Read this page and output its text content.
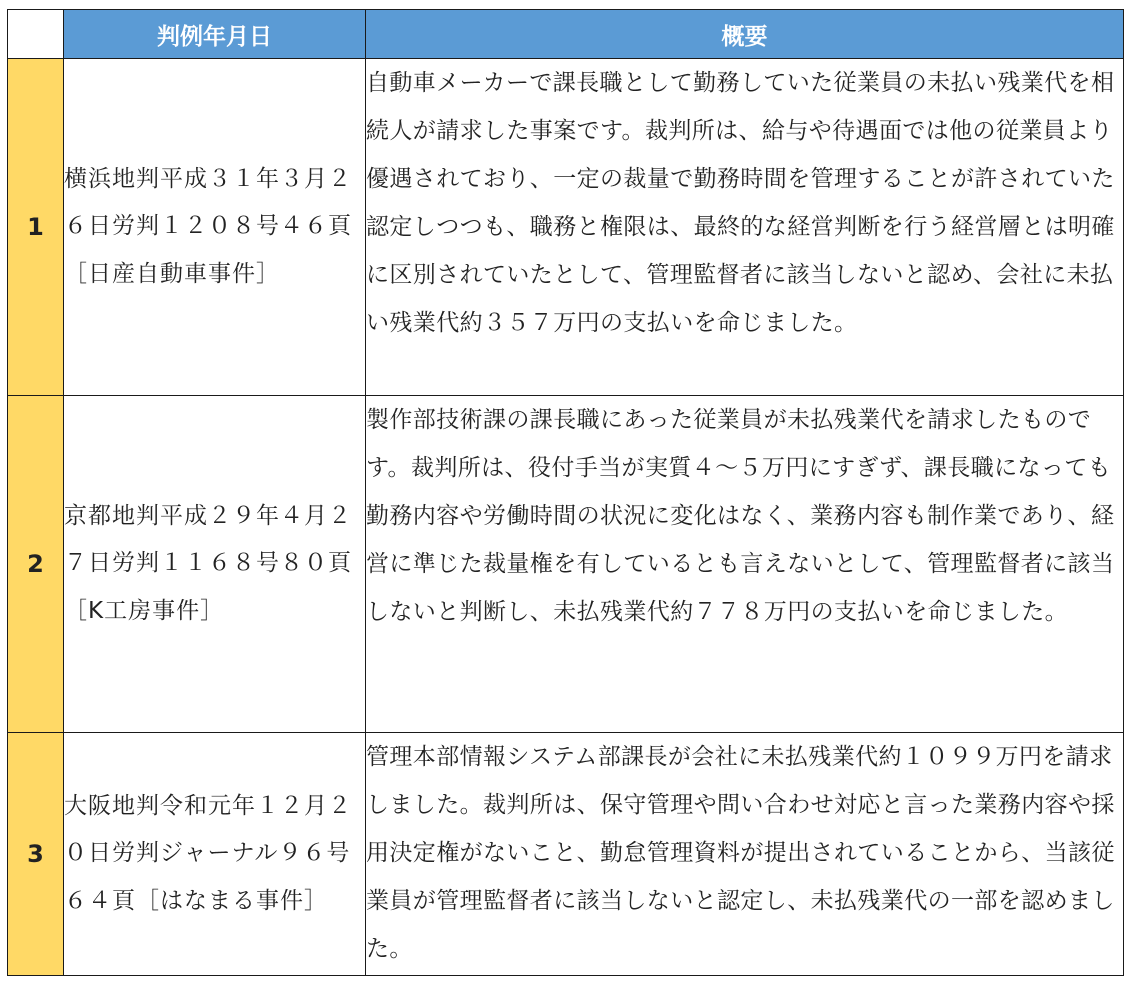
	判例年月日	概要
1	横浜地判平成３１年３月２６日労判１２０８号４６頁［日産自動車事件］	自動車メーカーで課長職として勤務していた従業員の未払い残業代を相続人が請求した事案です。裁判所は、給与や待遇面では他の従業員より優遇されており、一定の裁量で勤務時間を管理することが許されていた認定しつつも、職務と権限は、最終的な経営判断を行う経営層とは明確に区別されていたとして、管理監督者に該当しないと認め、会社に未払い残業代約３５７万円の支払いを命じました。
2	京都地判平成２９年４月２７日労判１１６８号８０頁［K工房事件］	製作部技術課の課長職にあった従業員が未払残業代を請求したものです。裁判所は、役付手当が実質４～５万円にすぎず、課長職になっても勤務内容や労働時間の状況に変化はなく、業務内容も制作業であり、経営に準じた裁量権を有しているとも言えないとして、管理監督者に該当しないと判断し、未払残業代約７７８万円の支払いを命じました。
3	大阪地判令和元年１２月２０日労判ジャーナル９６号６４頁［はなまる事件］	管理本部情報システム部課長が会社に未払残業代約１０９９万円を請求しました。裁判所は、保守管理や問い合わせ対応と言った業務内容や採用決定権がないこと、勤怠管理資料が提出されていることから、当該従業員が管理監督者に該当しないと認定し、未払残業代の一部を認めました。
